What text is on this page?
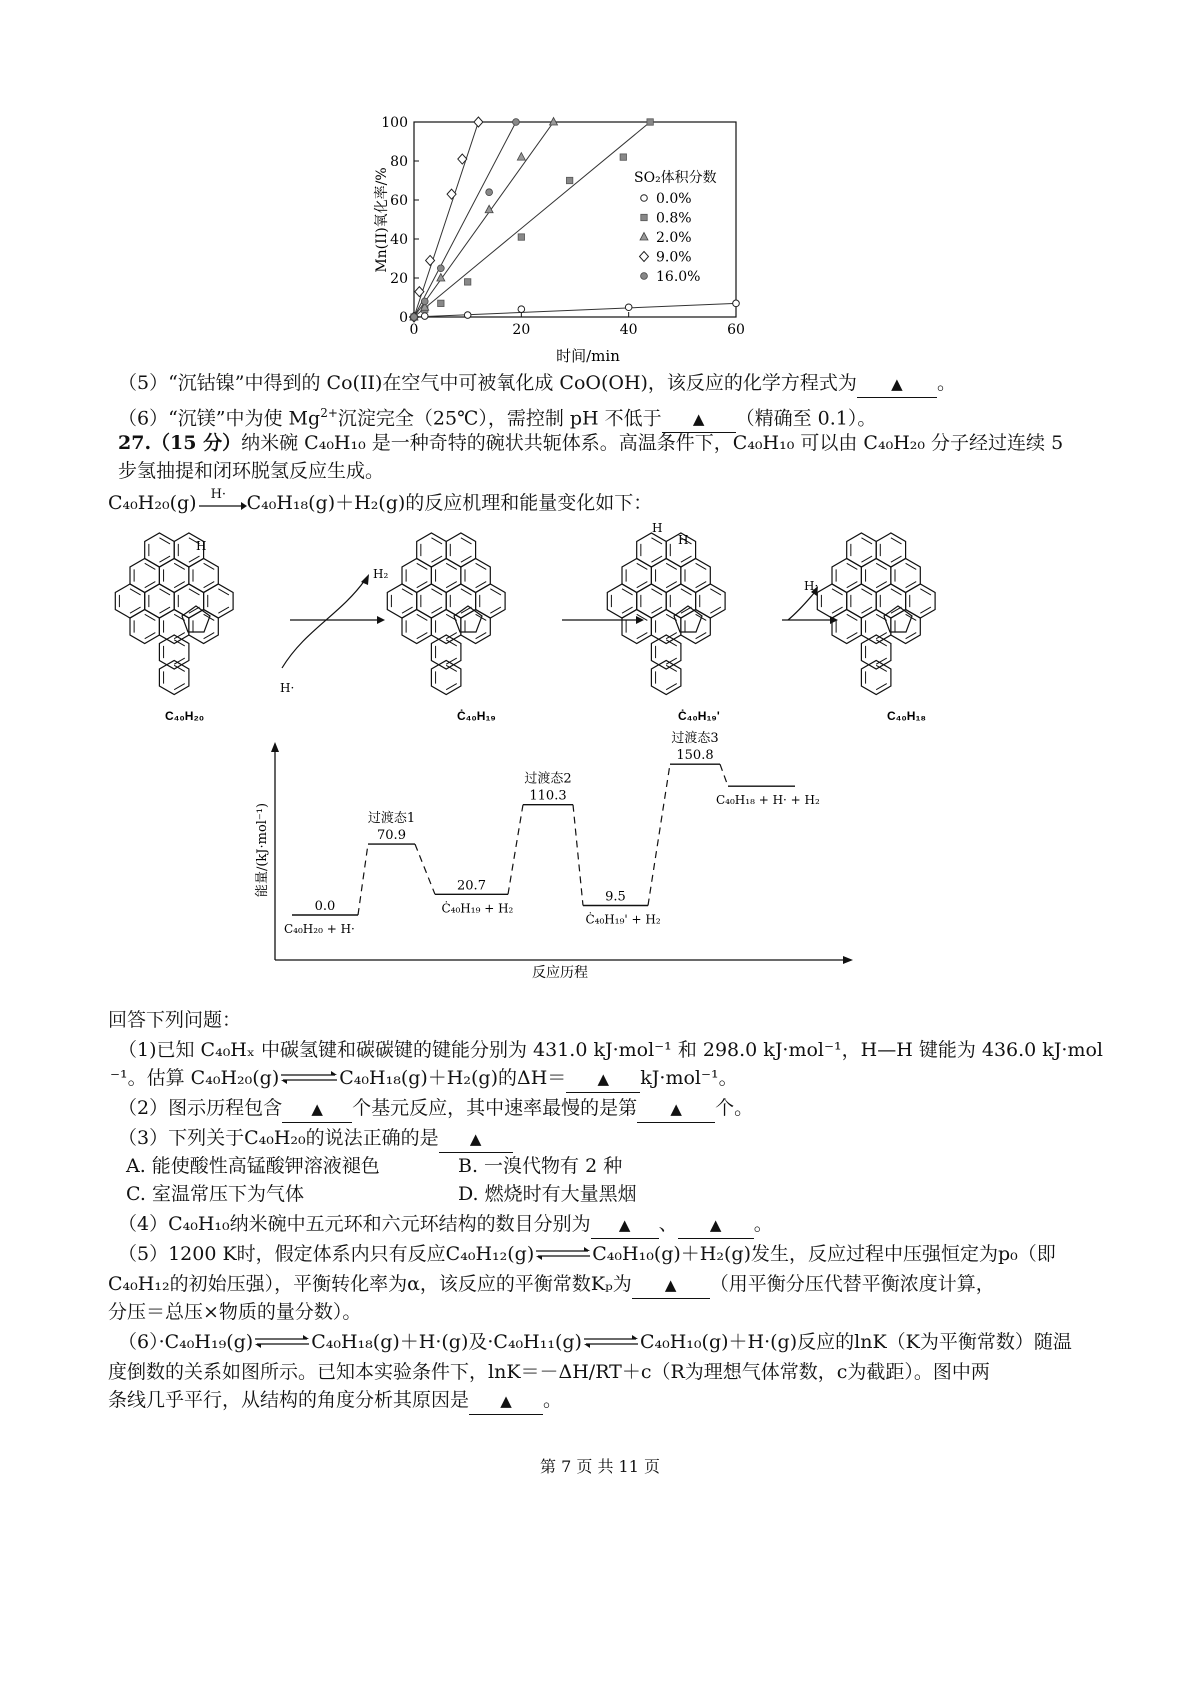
0	20	40	60
0
20
40
60
80
100
SO₂体积分数
0.0%
0.8%
2.0%
9.0%
16.0%
时间/min
Mn(II)氧化率/%
（5）“沉钴镍”中得到的 Co(II)在空气中可被氧化成 CoO(OH)，该反应的化学方程式为 ▲ 。
（6）“沉镁”中为使 $Mg^{2+}$沉淀完全（25℃），需控制 pH 不低于 ▲ （精确至 0.1）。
27.（15 分）纳米碗 C₄₀H₁₀ 是一种奇特的碗状共轭体系。高温条件下，C₄₀H₁₀ 可以由 C₄₀H₂₀ 分子经过连续 5
步氢抽提和闭环脱氢反应生成。
C₄₀H₂₀(g) H· C₄₀H₁₈(g)＋H₂(g)的反应机理和能量变化如下：
H₂
H·
H·
C₄₀H₂₀	Ċ₄₀H₁₉	Ċ₄₀H₁₉'	C₄₀H₁₈
H
H
H
能量/(kJ·mol⁻¹)
反应历程
0.0
C₄₀H₂₀ + H·
70.9
过渡态1
20.7
Ċ₄₀H₁₉ + H₂
110.3
过渡态2
9.5
Ċ₄₀H₁₉' + H₂
150.8
过渡态3
C₄₀H₁₈ + H· + H₂
回答下列问题：
（1)已知 C₄₀Hₓ 中碳氢键和碳碳键的键能分别为 431.0 kJ·mol⁻¹ 和 298.0 kJ·mol⁻¹，H—H 键能为 436.0 kJ·mol
⁻¹。估算 C₄₀H₂₀(g)	C₄₀H₁₈(g)＋H₂(g)的ΔH＝ ▲ kJ·mol⁻¹。
（2）图示历程包含 ▲ 个基元反应，其中速率最慢的是第 ▲ 个。
（3）下列关于C₄₀H₂₀的说法正确的是 ▲
A. 能使酸性高锰酸钾溶液褪色	B. 一溴代物有 2 种
C. 室温常压下为气体	D. 燃烧时有大量黑烟
（4）C₄₀H₁₀纳米碗中五元环和六元环结构的数目分别为 ▲ 、 ▲ 。
（5）1200 K时，假定体系内只有反应C₄₀H₁₂(g)	C₄₀H₁₀(g)＋H₂(g)发生，反应过程中压强恒定为p₀（即
C₄₀H₁₂的初始压强），平衡转化率为α，该反应的平衡常数Kₚ为 ▲ （用平衡分压代替平衡浓度计算，
分压＝总压×物质的量分数）。
（6）·C₄₀H₁₉(g)	C₄₀H₁₈(g)＋H·(g)及·C₄₀H₁₁(g)	C₄₀H₁₀(g)＋H·(g)反应的lnK（K为平衡常数）随温
度倒数的关系如图所示。已知本实验条件下，lnK＝－ΔH/RT＋c（R为理想气体常数，c为截距）。图中两
条线几乎平行，从结构的角度分析其原因是 ▲ 。
第 7 页 共 11 页
